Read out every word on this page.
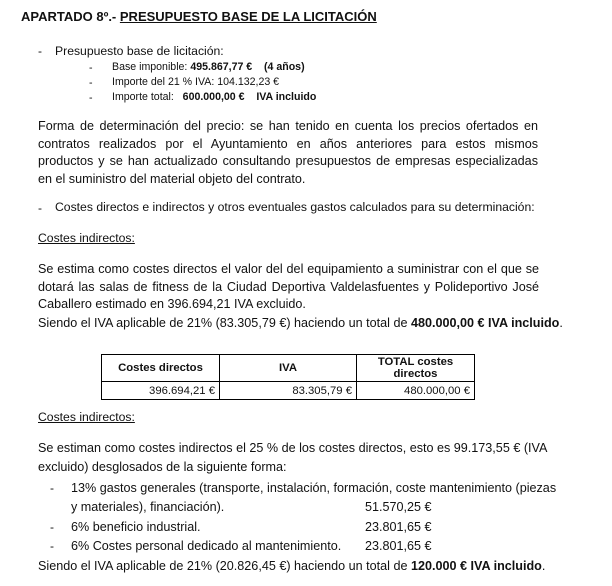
APARTADO 8º.- PRESUPUESTO BASE DE LA LICITACIÓN
- Presupuesto base de licitación:
- Base imponible: 495.867,77 € (4 años)
- Importe del 21 % IVA: 104.132,23 €
- Importe total: 600.000,00 € IVA incluido
Forma de determinación del precio: se han tenido en cuenta los precios ofertados en contratos realizados por el Ayuntamiento en años anteriores para estos mismos productos y se han actualizado consultando presupuestos de empresas especializadas en el suministro del material objeto del contrato.
- Costes directos e indirectos y otros eventuales gastos calculados para su determinación:
Costes indirectos:
Se estima como costes directos el valor del del equipamiento a suministrar con el que se dotará las salas de fitness de la Ciudad Deportiva Valdelasfuentes y Polideportivo José Caballero estimado en 396.694,21 IVA excluido.
Siendo el IVA aplicable de 21% (83.305,79 €) haciendo un total de 480.000,00 € IVA incluido.
Costes directos	IVA	TOTAL costes directos
396.694,21 €	83.305,79 €	480.000,00 €
Costes indirectos:
Se estiman como costes indirectos el 25 % de los costes directos, esto es 99.173,55 € (IVA
excluido) desglosados de la siguiente forma:
- 13% gastos generales (transporte, instalación, formación, coste mantenimiento (piezas
y materiales), financiación).	51.570,25 €
- 6% beneficio industrial.	23.801,65 €
- 6% Costes personal dedicado al mantenimiento. 23.801,65 €
Siendo el IVA aplicable de 21% (20.826,45 €) haciendo un total de 120.000 € IVA incluido.
